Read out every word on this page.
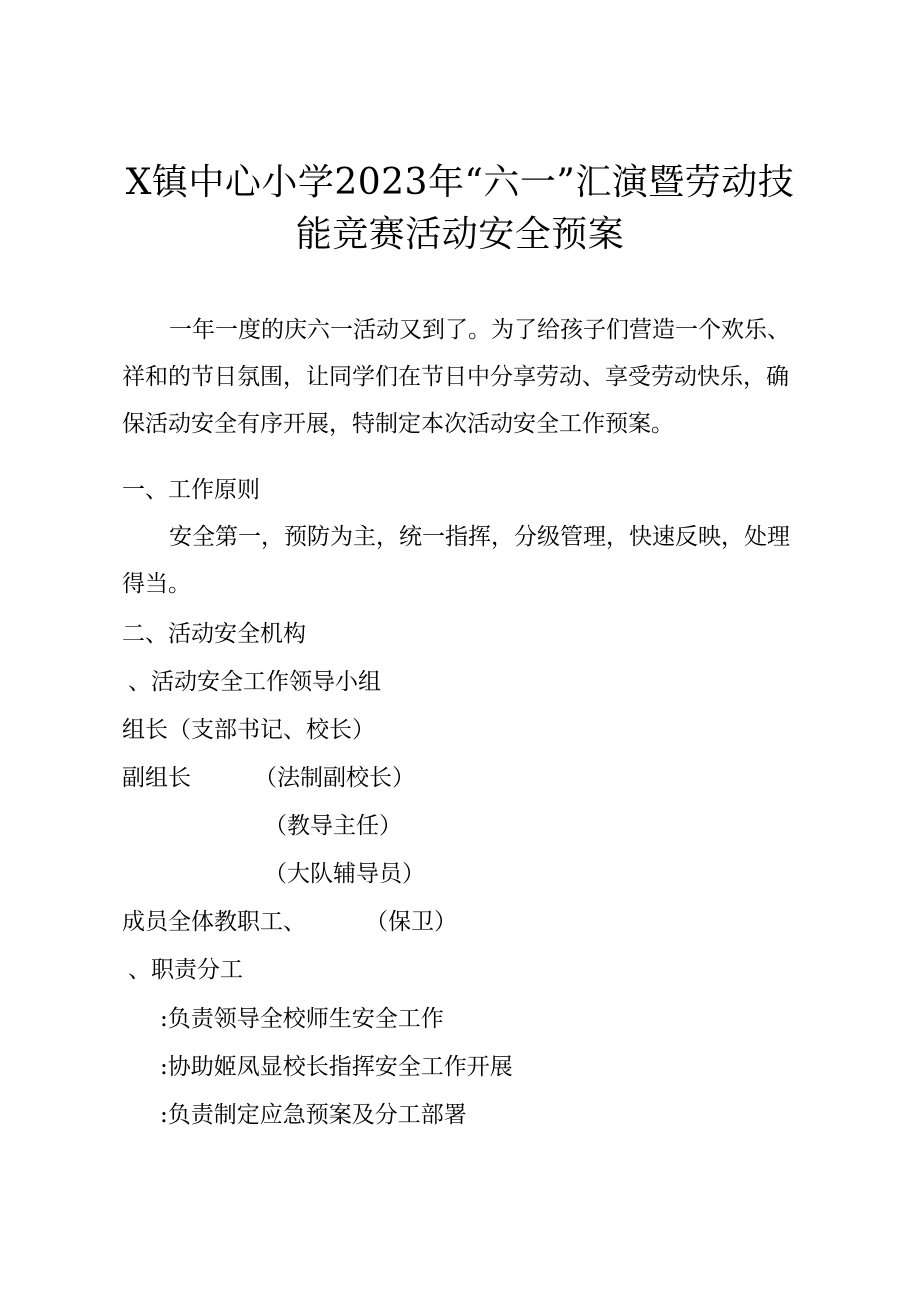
X镇中心小学2023年“六一”汇演暨劳动技
能竞赛活动安全预案
一年一度的庆六一活动又到了。为了给孩子们营造一个欢乐、
祥和的节日氛围，让同学们在节日中分享劳动、享受劳动快乐，确
保活动安全有序开展，特制定本次活动安全工作预案。
一、工作原则
安全第一，预防为主，统一指挥，分级管理，快速反映，处理
得当。
二、活动安全机构
、活动安全工作领导小组
组长（支部书记、校长）
副组长	（法制副校长）
（教导主任）
（大队辅导员）
成员全体教职工、	（保卫）
、职责分工
:负责领导全校师生安全工作
:协助姬凤显校长指挥安全工作开展
:负责制定应急预案及分工部署
